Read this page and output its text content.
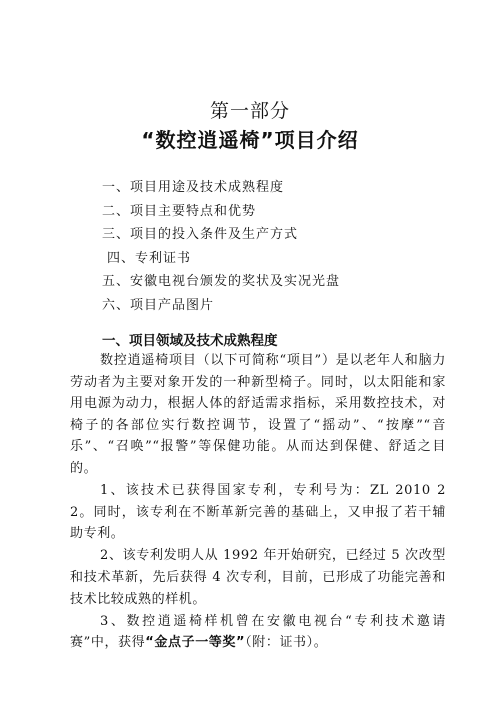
第一部分
“数控逍遥椅”项目介绍
一、项目用途及技术成熟程度
二、项目主要特点和优势
三、项目的投入条件及生产方式
四、专利证书
五、安徽电视台颁发的奖状及实况光盘
六、项目产品图片
一、项目领域及技术成熟程度

数控逍遥椅项目（以下可简称“项目”）是以老年人和脑力劳动者为主要对象开发的一种新型椅子。同时，以太阳能和家用电源为动力，根据人体的舒适需求指标，采用数控技术，对椅子的各部位实行数控调节，设置了“摇动”、“按摩”“音乐”、“召唤”“报警”等保健功能。从而达到保健、舒适之目的。

1、该技术已获得国家专利，专利号为：ZL 2010 2　 2。同时，该专利在不断革新完善的基础上，又申报了若干辅助专利。

2、该专利发明人从 1992 年开始研究，已经过 5 次改型和技术革新，先后获得 4 次专利，目前，已形成了功能完善和技术比较成熟的样机。

3、数控逍遥椅样机曾在安徽电视台“专利技术邀请赛”中，获得“金点子一等奖”（附：证书）。
